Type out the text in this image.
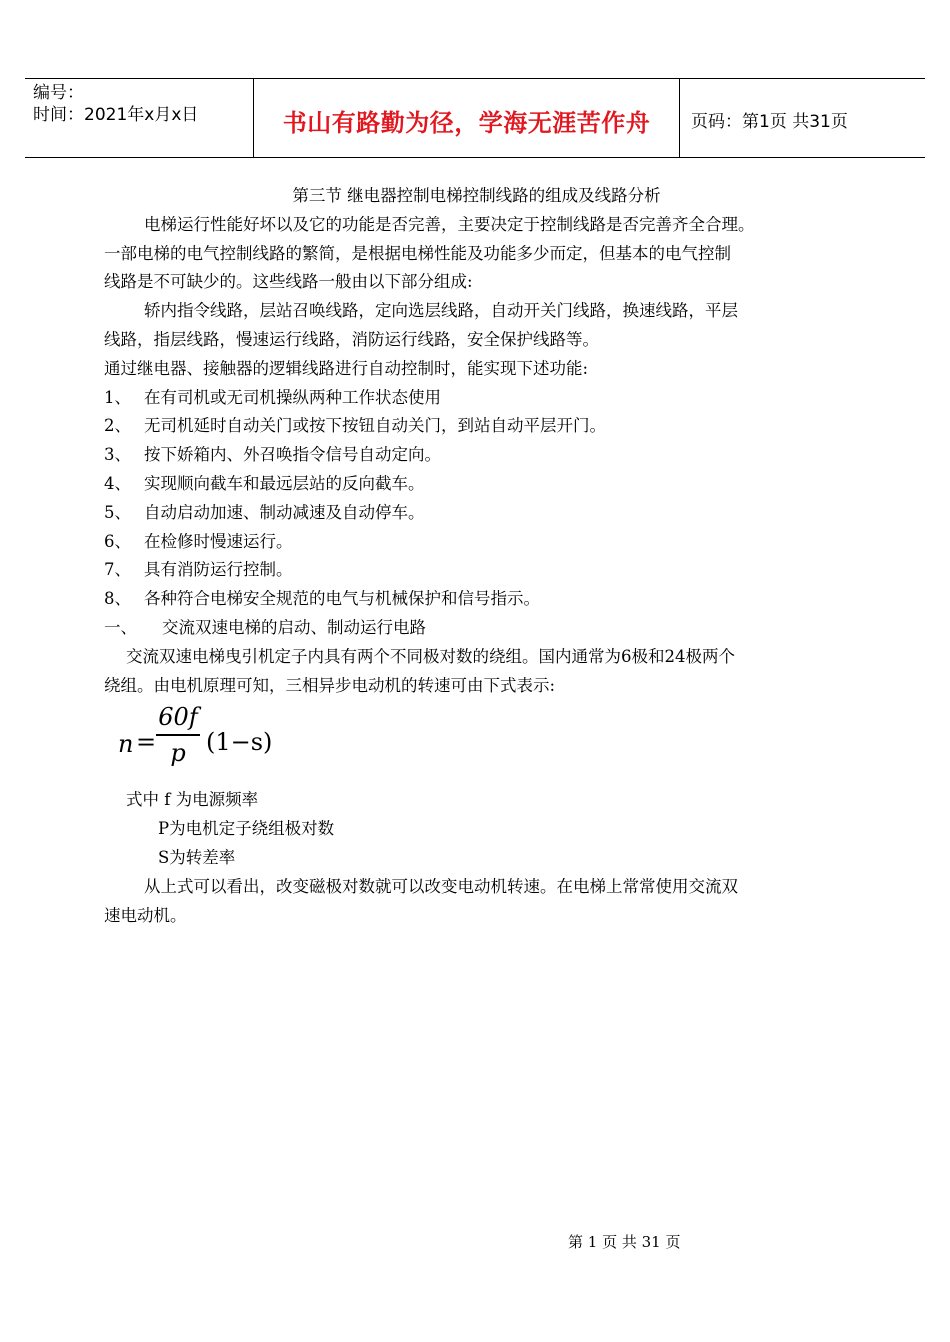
编号：
时间：2021年x月x日	书山有路勤为径，学海无涯苦作舟	页码：第1页 共31页
第三节 继电器控制电梯控制线路的组成及线路分析
电梯运行性能好坏以及它的功能是否完善，主要决定于控制线路是否完善齐全合理。
一部电梯的电气控制线路的繁简，是根据电梯性能及功能多少而定，但基本的电气控制
线路是不可缺少的。这些线路一般由以下部分组成:
轿内指令线路，层站召唤线路，定向选层线路，自动开关门线路，换速线路，平层
线路，指层线路，慢速运行线路，消防运行线路，安全保护线路等。
通过继电器、接触器的逻辑线路进行自动控制时，能实现下述功能:
1、 在有司机或无司机操纵两种工作状态使用
2、 无司机延时自动关门或按下按钮自动关门，到站自动平层开门。
3、 按下娇箱内、外召唤指令信号自动定向。
4、 实现顺向截车和最远层站的反向截车。
5、 自动启动加速、制动减速及自动停车。
6、 在检修时慢速运行。
7、 具有消防运行控制。
8、 各种符合电梯安全规范的电气与机械保护和信号指示。
一、 交流双速电梯的启动、制动运行电路
交流双速电梯曳引机定子内具有两个不同极对数的绕组。国内通常为6极和24极两个
绕组。由电机原理可知，三相异步电动机的转速可由下式表示:
n =
60f
p (1−s)
式中 f 为电源频率
P为电机定子绕组极对数
S为转差率
从上式可以看出，改变磁极对数就可以改变电动机转速。在电梯上常常使用交流双
速电动机。
第 1 页 共 31 页
